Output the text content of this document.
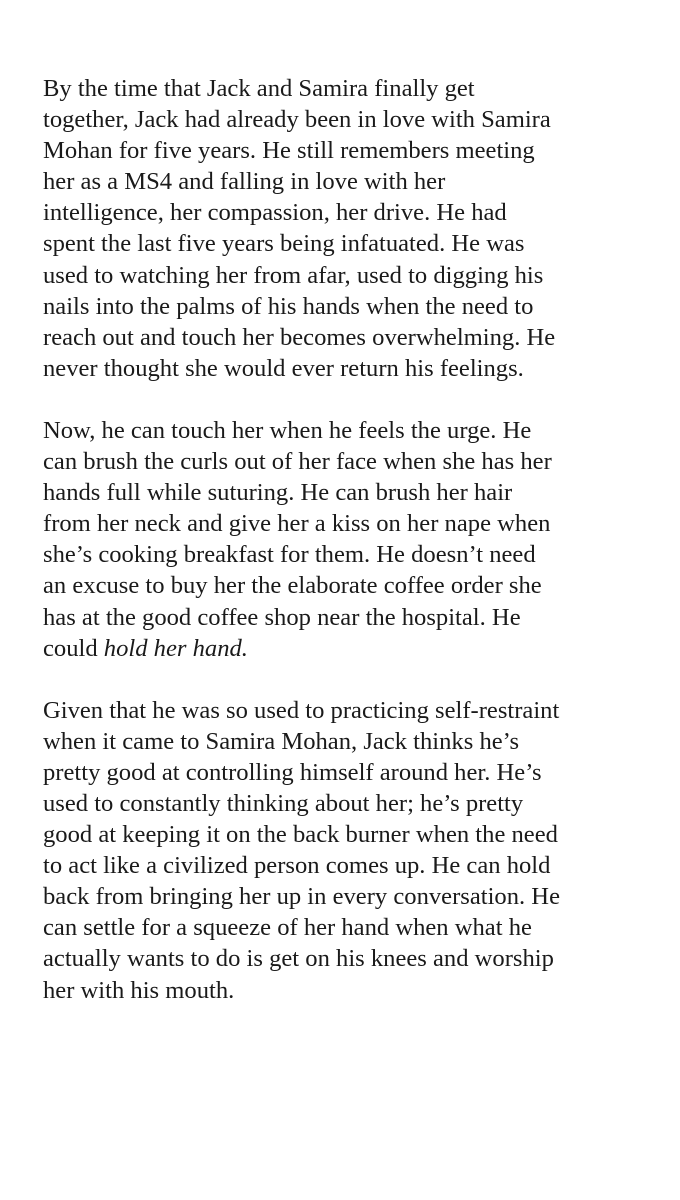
By the time that Jack and Samira finally get
together, Jack had already been in love with Samira
Mohan for five years. He still remembers meeting
her as a MS4 and falling in love with her
intelligence, her compassion, her drive. He had
spent the last five years being infatuated. He was
used to watching her from afar, used to digging his
nails into the palms of his hands when the need to
reach out and touch her becomes overwhelming. He
never thought she would ever return his feelings.
Now, he can touch her when he feels the urge. He
can brush the curls out of her face when she has her
hands full while suturing. He can brush her hair
from her neck and give her a kiss on her nape when
she’s cooking breakfast for them. He doesn’t need
an excuse to buy her the elaborate coffee order she
has at the good coffee shop near the hospital. He
could hold her hand.
Given that he was so used to practicing self-restraint
when it came to Samira Mohan, Jack thinks he’s
pretty good at controlling himself around her. He’s
used to constantly thinking about her; he’s pretty
good at keeping it on the back burner when the need
to act like a civilized person comes up. He can hold
back from bringing her up in every conversation. He
can settle for a squeeze of her hand when what he
actually wants to do is get on his knees and worship
her with his mouth.
